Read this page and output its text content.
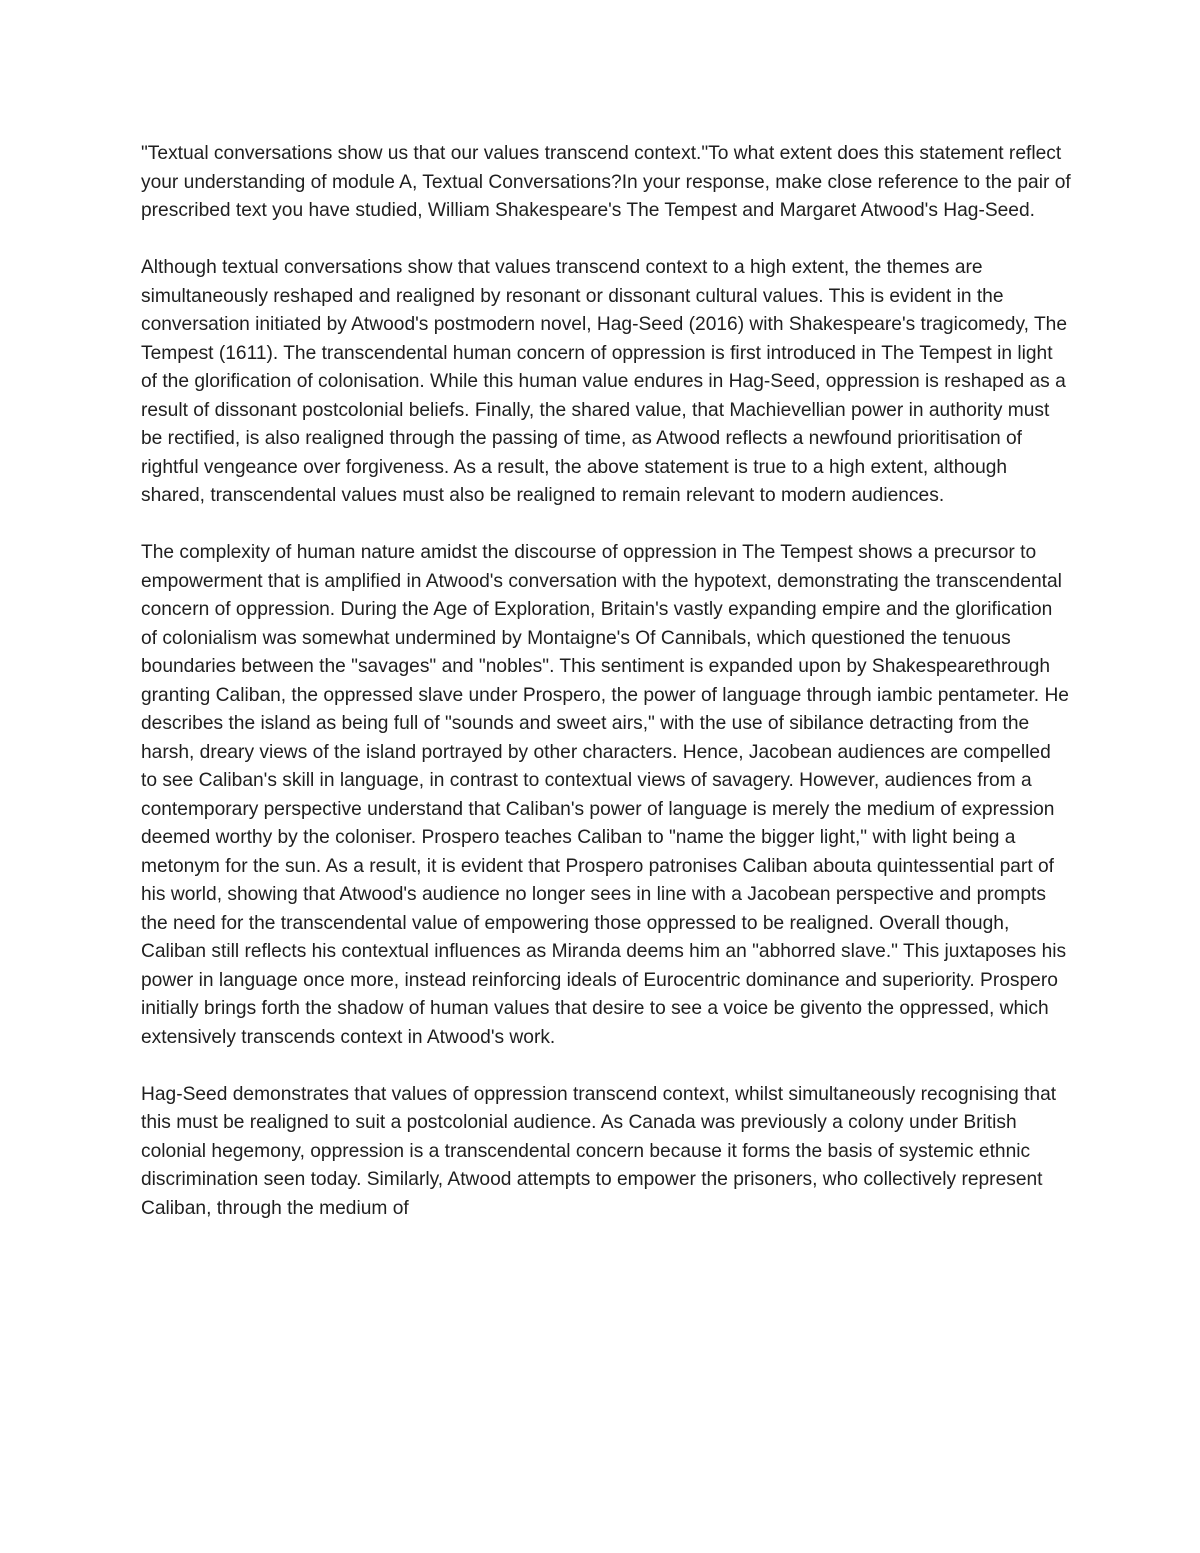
"Textual conversations show us that our values transcend context."To what extent does this statement reflect your understanding of module A, Textual Conversations?In your response, make close reference to the pair of prescribed text you have studied, William Shakespeare's The Tempest and Margaret Atwood's Hag-Seed.

Although textual conversations show that values transcend context to a high extent, the themes are simultaneously reshaped and realigned by resonant or dissonant cultural values. This is evident in the conversation initiated by Atwood's postmodern novel, Hag-Seed (2016) with Shakespeare's tragicomedy, The Tempest (1611). The transcendental human concern of oppression is first introduced in The Tempest in light of the glorification of colonisation. While this human value endures in Hag-Seed, oppression is reshaped as a result of dissonant postcolonial beliefs. Finally, the shared value, that Machievellian power in authority must be rectified, is also realigned through the passing of time, as Atwood reflects a newfound prioritisation of rightful vengeance over forgiveness. As a result, the above statement is true to a high extent, although shared, transcendental values must also be realigned to remain relevant to modern audiences.

The complexity of human nature amidst the discourse of oppression in The Tempest shows a precursor to empowerment that is amplified in Atwood's conversation with the hypotext, demonstrating the transcendental concern of oppression. During the Age of Exploration, Britain's vastly expanding empire and the glorification of colonialism was somewhat undermined by Montaigne's Of Cannibals, which questioned the tenuous boundaries between the "savages" and "nobles". This sentiment is expanded upon by Shakespearethrough granting Caliban, the oppressed slave under Prospero, the power of language through iambic pentameter. He describes the island as being full of "sounds and sweet airs," with the use of sibilance detracting from the harsh, dreary views of the island portrayed by other characters. Hence, Jacobean audiences are compelled to see Caliban's skill in language, in contrast to contextual views of savagery. However, audiences from a contemporary perspective understand that Caliban's power of language is merely the medium of expression deemed worthy by the coloniser. Prospero teaches Caliban to "name the bigger light," with light being a metonym for the sun. As a result, it is evident that Prospero patronises Caliban abouta quintessential part of his world, showing that Atwood's audience no longer sees in line with a Jacobean perspective and prompts the need for the transcendental value of empowering those oppressed to be realigned. Overall though, Caliban still reflects his contextual influences as Miranda deems him an "abhorred slave." This juxtaposes his power in language once more, instead reinforcing ideals of Eurocentric dominance and superiority. Prospero initially brings forth the shadow of human values that desire to see a voice be givento the oppressed, which extensively transcends context in Atwood's work.

Hag-Seed demonstrates that values of oppression transcend context, whilst simultaneously recognising that this must be realigned to suit a postcolonial audience. As Canada was previously a colony under British colonial hegemony, oppression is a transcendental concern because it forms the basis of systemic ethnic discrimination seen today. Similarly, Atwood attempts to empower the prisoners, who collectively represent Caliban, through the medium of
